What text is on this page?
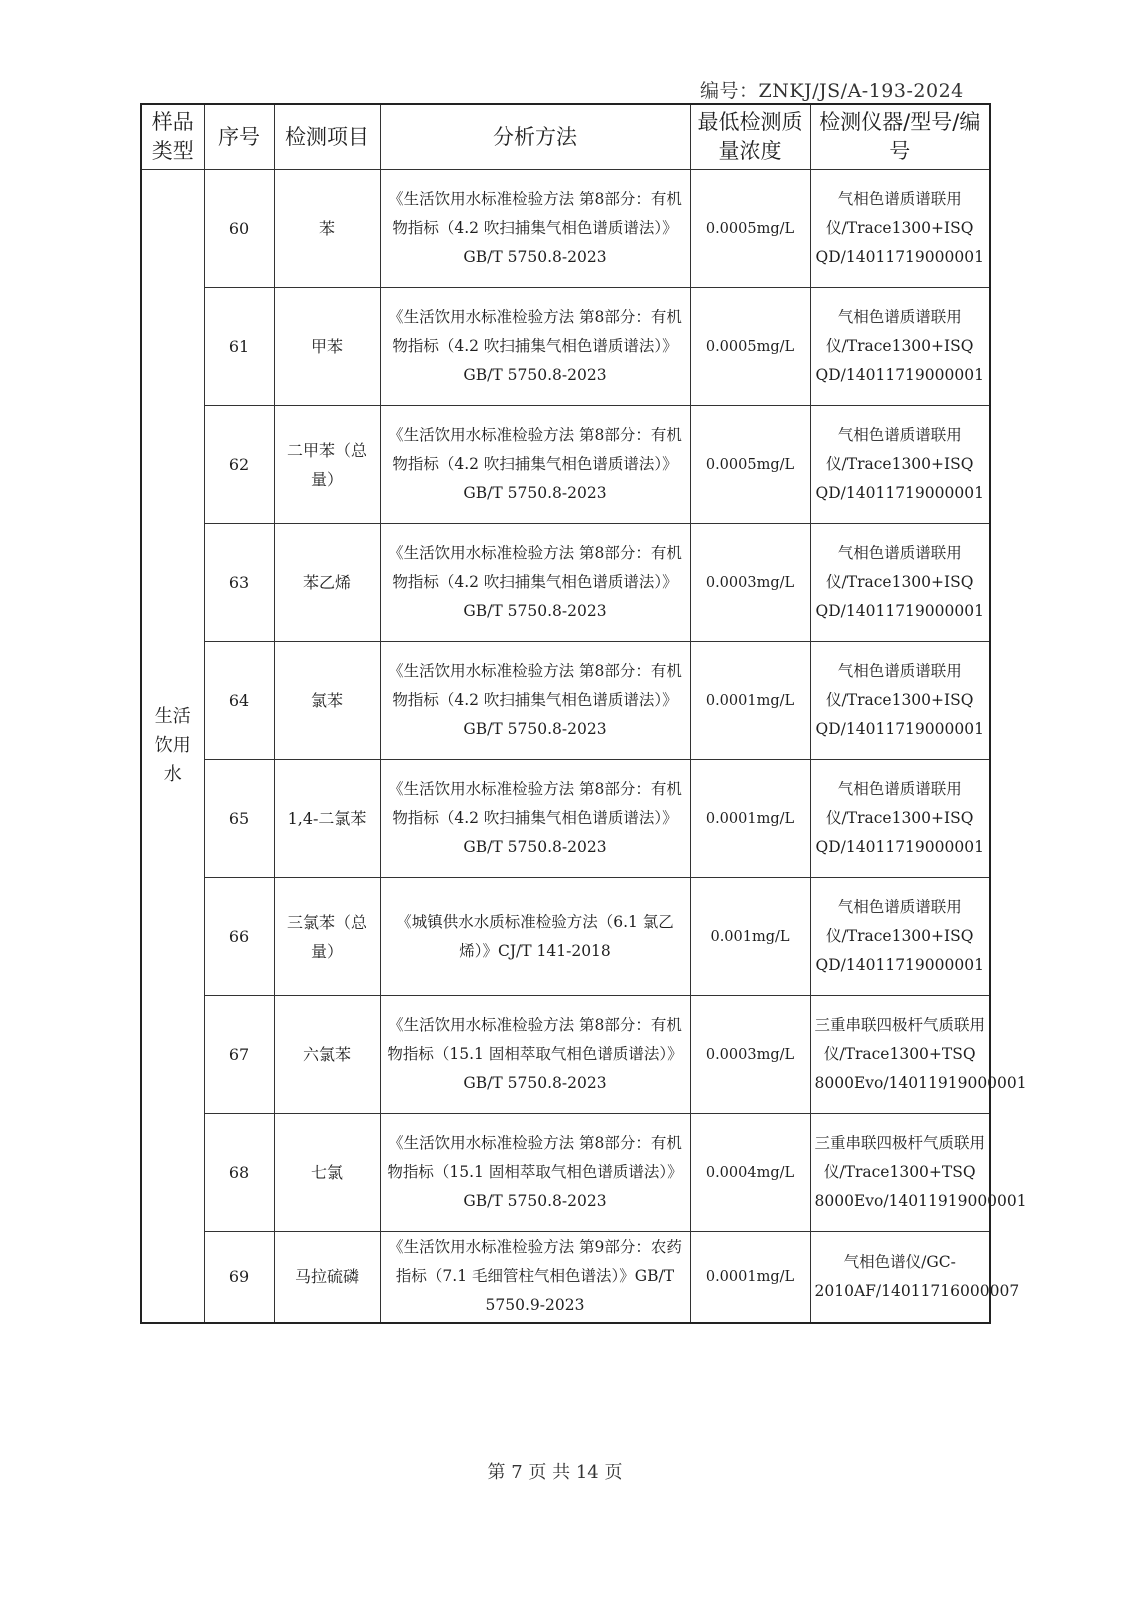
编号：ZNKJ/JS/A-193-2024
样品类型	序号	检测项目	分析方法	最低检测质量浓度	检测仪器/型号/编号
生活饮用水	60	苯	《生活饮用水标准检验方法 第8部分：有机物指标（4.2 吹扫捕集气相色谱质谱法）》GB/T 5750.8-2023	0.0005mg/L	气相色谱质谱联用仪/Trace1300+ISQ QD/14011719000001
	61	甲苯	《生活饮用水标准检验方法 第8部分：有机物指标（4.2 吹扫捕集气相色谱质谱法）》GB/T 5750.8-2023	0.0005mg/L	气相色谱质谱联用仪/Trace1300+ISQ QD/14011719000001
	62	二甲苯（总量）	《生活饮用水标准检验方法 第8部分：有机物指标（4.2 吹扫捕集气相色谱质谱法）》GB/T 5750.8-2023	0.0005mg/L	气相色谱质谱联用仪/Trace1300+ISQ QD/14011719000001
	63	苯乙烯	《生活饮用水标准检验方法 第8部分：有机物指标（4.2 吹扫捕集气相色谱质谱法）》GB/T 5750.8-2023	0.0003mg/L	气相色谱质谱联用仪/Trace1300+ISQ QD/14011719000001
	64	氯苯	《生活饮用水标准检验方法 第8部分：有机物指标（4.2 吹扫捕集气相色谱质谱法）》GB/T 5750.8-2023	0.0001mg/L	气相色谱质谱联用仪/Trace1300+ISQ QD/14011719000001
	65	1,4-二氯苯	《生活饮用水标准检验方法 第8部分：有机物指标（4.2 吹扫捕集气相色谱质谱法）》GB/T 5750.8-2023	0.0001mg/L	气相色谱质谱联用仪/Trace1300+ISQ QD/14011719000001
	66	三氯苯（总量）	《城镇供水水质标准检验方法（6.1 氯乙烯）》CJ/T 141-2018	0.001mg/L	气相色谱质谱联用仪/Trace1300+ISQ QD/14011719000001
	67	六氯苯	《生活饮用水标准检验方法 第8部分：有机物指标（15.1 固相萃取气相色谱质谱法）》GB/T 5750.8-2023	0.0003mg/L	三重串联四极杆气质联用仪/Trace1300+TSQ 8000Evo/14011919000001
	68	七氯	《生活饮用水标准检验方法 第8部分：有机物指标（15.1 固相萃取气相色谱质谱法）》GB/T 5750.8-2023	0.0004mg/L	三重串联四极杆气质联用仪/Trace1300+TSQ 8000Evo/14011919000001
	69	马拉硫磷	《生活饮用水标准检验方法 第9部分：农药指标（7.1 毛细管柱气相色谱法）》GB/T 5750.9-2023	0.0001mg/L	气相色谱仪/GC-2010AF/14011716000007
第 7 页 共 14 页
